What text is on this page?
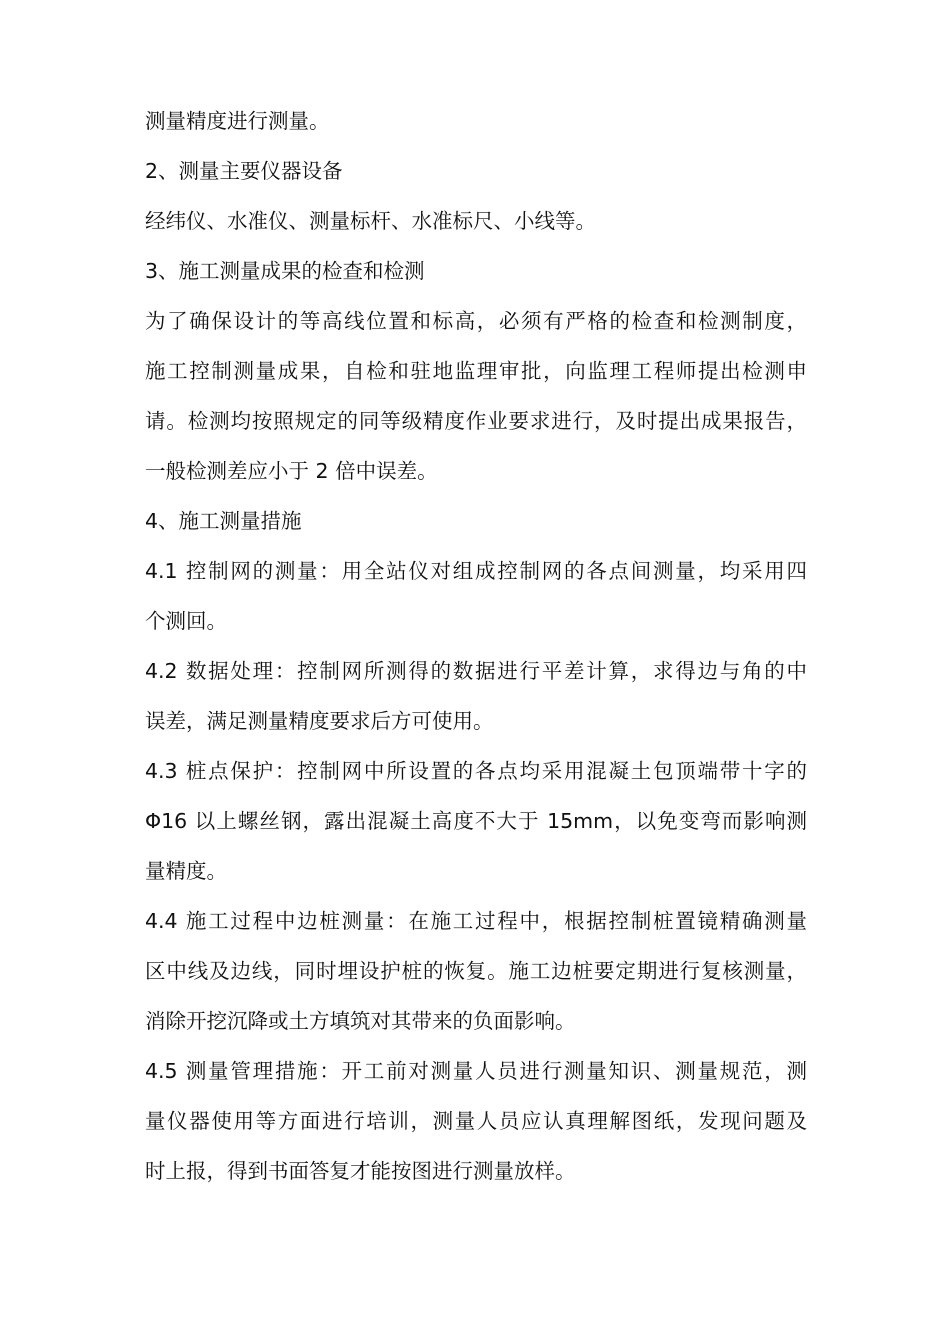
测量精度进行测量。
2、测量主要仪器设备
经纬仪、水准仪、测量标杆、水准标尺、小线等。
3、施工测量成果的检查和检测
为了确保设计的等高线位置和标高，必须有严格的检查和检测制度，
施工控制测量成果，自检和驻地监理审批，向监理工程师提出检测申
请。检测均按照规定的同等级精度作业要求进行，及时提出成果报告，
一般检测差应小于 2 倍中误差。
4、施工测量措施
4.1 控制网的测量：用全站仪对组成控制网的各点间测量，均采用四
个测回。
4.2 数据处理：控制网所测得的数据进行平差计算，求得边与角的中
误差，满足测量精度要求后方可使用。
4.3 桩点保护：控制网中所设置的各点均采用混凝土包顶端带十字的
Φ16 以上螺丝钢，露出混凝土高度不大于 15mm，以免变弯而影响测
量精度。
4.4 施工过程中边桩测量：在施工过程中，根据控制桩置镜精确测量
区中线及边线，同时埋设护桩的恢复。施工边桩要定期进行复核测量，
消除开挖沉降或土方填筑对其带来的负面影响。
4.5 测量管理措施：开工前对测量人员进行测量知识、测量规范，测
量仪器使用等方面进行培训，测量人员应认真理解图纸，发现问题及
时上报，得到书面答复才能按图进行测量放样。
